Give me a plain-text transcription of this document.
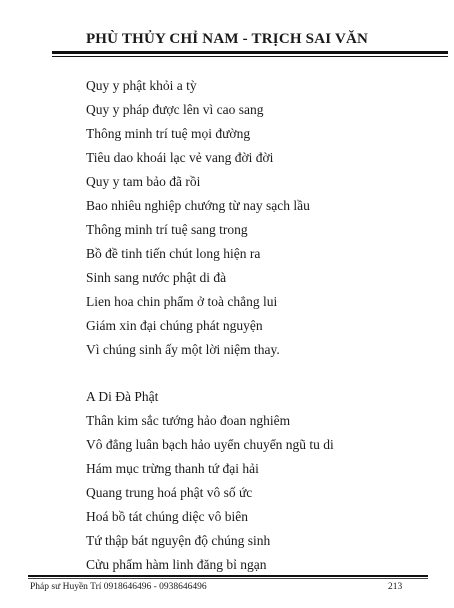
PHÙ THỦY CHỈ NAM - TRỊCH SAI VĂN
Quy y phật khỏi a tỳ
Quy y pháp được lên vì cao sang
Thông minh trí tuệ mọi đường
Tiêu dao khoái lạc vẻ vang đời đời
Quy y tam bảo đã rồi
Bao nhiêu nghiệp chướng từ nay sạch lầu
Thông minh trí tuệ sang trong
Bồ đề tinh tiến chút long hiện ra
Sinh sang nước phật di đà
Lien hoa chin phẩm ở toà chẳng lui
Giám xin đại chúng phát nguyện
Vì chúng sinh ấy một lời niệm thay.
A Di Đà Phật
Thân kim sắc tướng hảo đoan nghiêm
Vô đẳng luân bạch hảo uyển chuyển ngũ tu di
Hám mục trừng thanh tứ đại hải
Quang trung hoá phật vô số ức
Hoá bồ tát chúng diệc vô biên
Tứ thập bát nguyện độ chúng sinh
Cửu phẩm hàm linh đăng bỉ ngạn
Pháp sư Huyền Trí 0918646496 - 0938646496	213
